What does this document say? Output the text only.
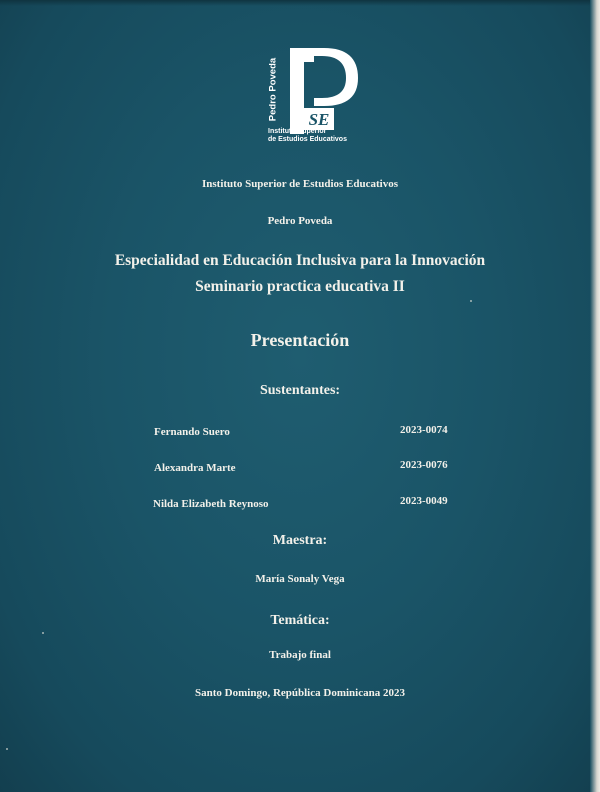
Pedro Poveda SE
Instituto Superior
de Estudios Educativos
Instituto Superior de Estudios Educativos
Pedro Poveda
Especialidad en Educación Inclusiva para la Innovación
Seminario practica educativa II
Presentación
Sustentantes:
Fernando Suero	2023-0074
Alexandra Marte	2023-0076
Nilda Elizabeth Reynoso	2023-0049
Maestra:
María Sonaly Vega
Temática:
Trabajo final
Santo Domingo, República Dominicana 2023
